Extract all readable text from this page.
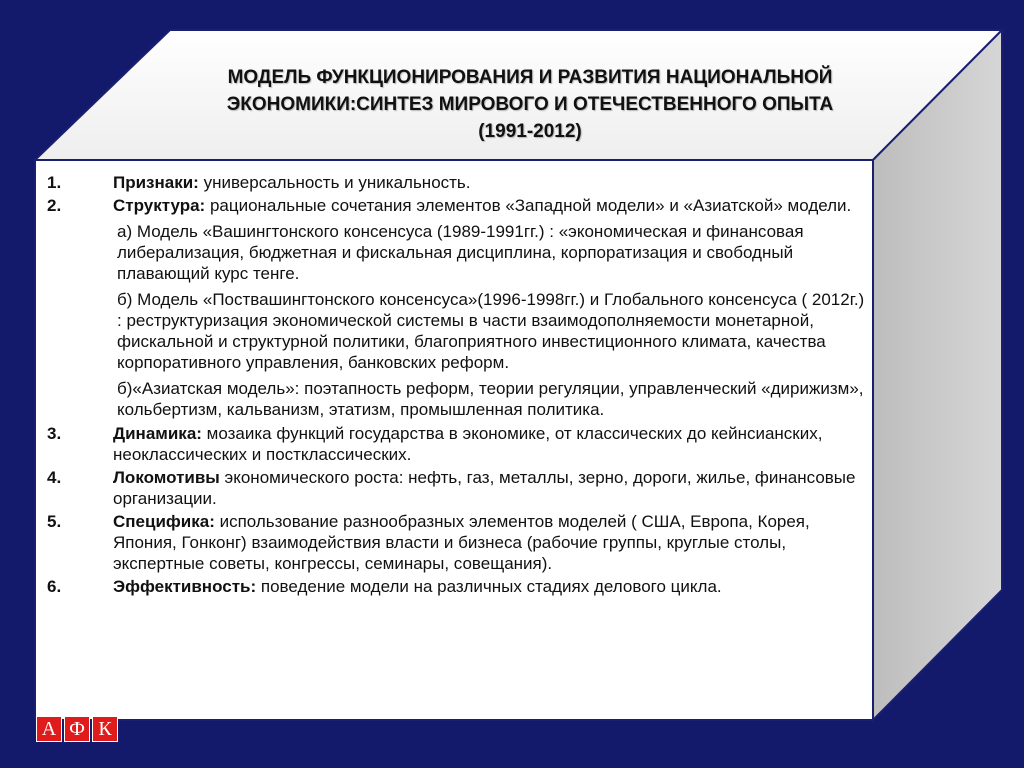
МОДЕЛЬ ФУНКЦИОНИРОВАНИЯ И РАЗВИТИЯ НАЦИОНАЛЬНОЙ
ЭКОНОМИКИ:СИНТЕЗ МИРОВОГО И ОТЕЧЕСТВЕННОГО ОПЫТА
(1991-2012)
1.	Признаки: универсальность и уникальность.
2.	Структура: рациональные сочетания элементов «Западной модели» и «Азиатской» модели.
а) Модель «Вашингтонского консенсуса (1989-1991гг.) : «экономическая и финансовая либерализация, бюджетная и фискальная дисциплина, корпоратизация и свободный плавающий курс тенге.
б) Модель «Поствашингтонского консенсуса»(1996-1998гг.) и Глобального консенсуса ( 2012г.) : реструктуризация экономической системы в части взаимодополняемости монетарной, фискальной и структурной политики, благоприятного инвестиционного климата, качества корпоративного управления, банковских реформ.
б)«Азиатская модель»: поэтапность реформ, теории регуляции, управленческий «дирижизм», кольбертизм, кальванизм, этатизм, промышленная политика.
3.	Динамика: мозаика функций государства в экономике, от классических до кейнсианских, неоклассических и постклассических.
4.	Локомотивы экономического роста: нефть, газ, металлы, зерно, дороги, жилье, финансовые организации.
5.	Специфика: использование разнообразных элементов моделей ( США, Европа, Корея, Япония, Гонконг) взаимодействия власти и бизнеса (рабочие группы, круглые столы, экспертные советы, конгрессы, семинары, совещания).
6.	Эффективность: поведение модели на различных стадиях делового цикла.
А Ф К
